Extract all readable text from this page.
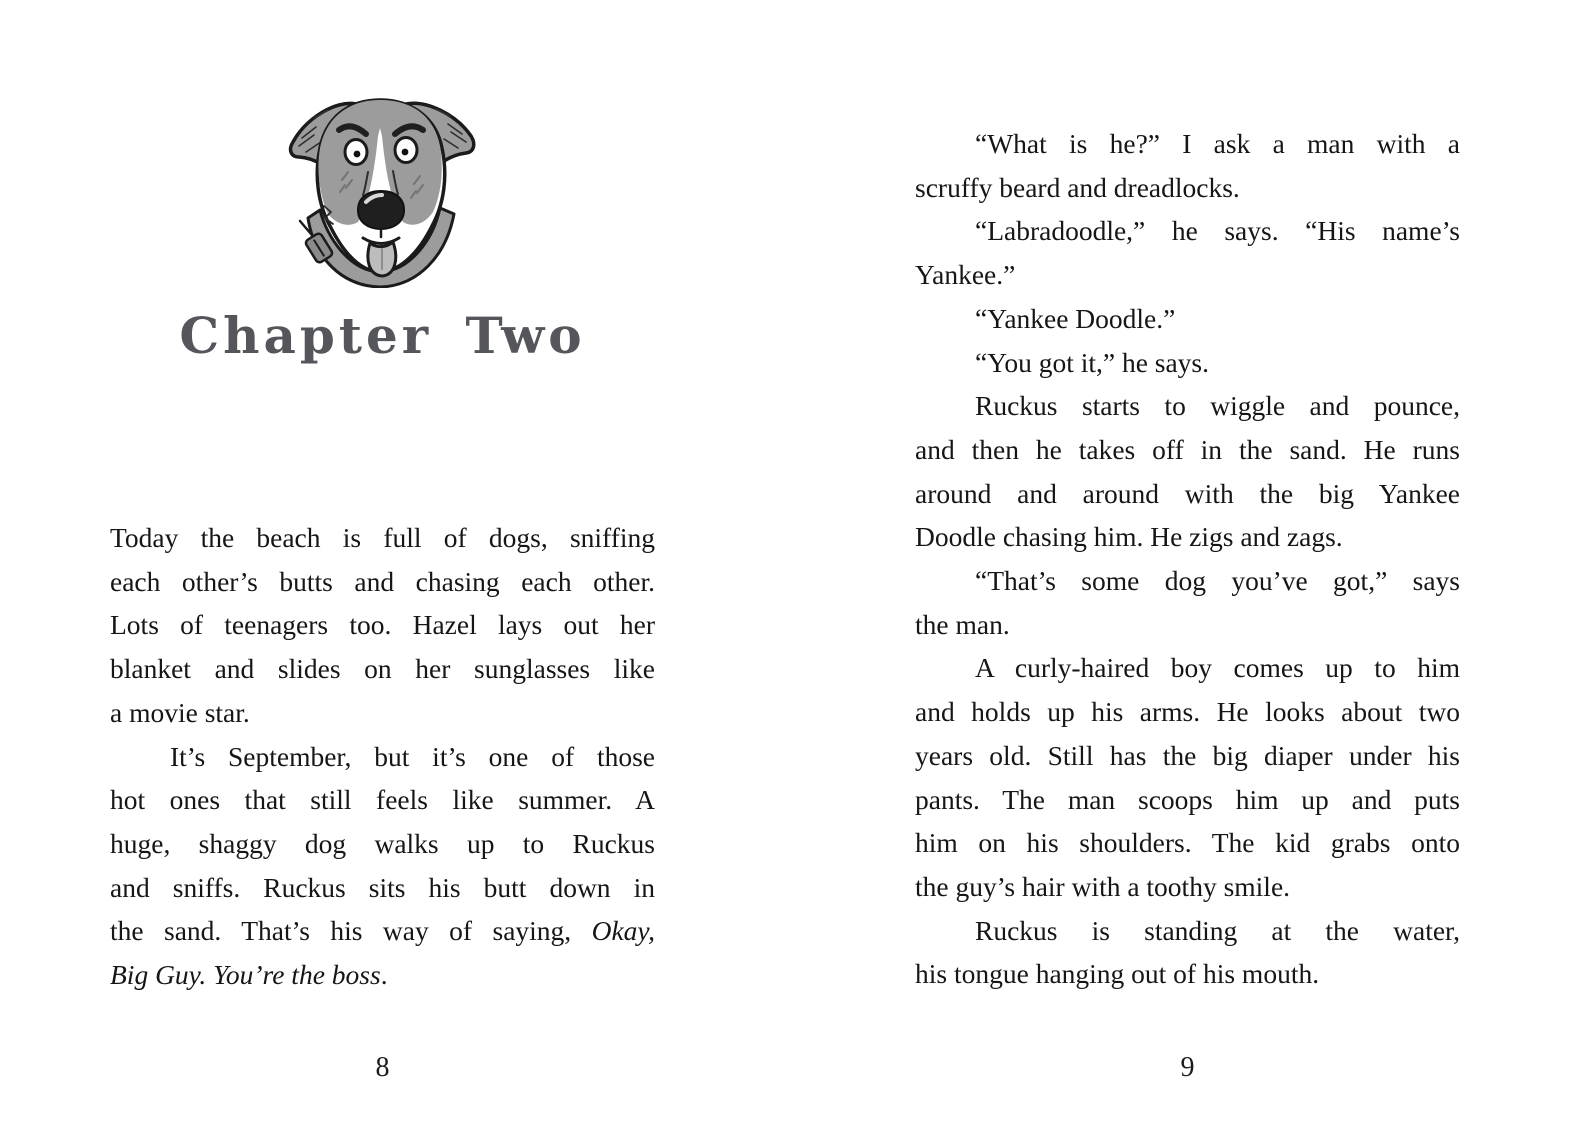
Chapter Two
Today the beach is full of dogs, sniffing
each other’s butts and chasing each other.
Lots of teenagers too. Hazel lays out her
blanket and slides on her sunglasses like
a movie star.
It’s September, but it’s one of those
hot ones that still feels like summer. A
huge, shaggy dog walks up to Ruckus
and sniffs. Ruckus sits his butt down in
the sand. That’s his way of saying, Okay,
Big Guy. You’re the boss.
8
“What is he?” I ask a man with a
scruffy beard and dreadlocks.
“Labradoodle,” he says. “His name’s
Yankee.”
“Yankee Doodle.”
“You got it,” he says.
Ruckus starts to wiggle and pounce,
and then he takes off in the sand. He runs
around and around with the big Yankee
Doodle chasing him. He zigs and zags.
“That’s some dog you’ve got,” says
the man.
A curly-haired boy comes up to him
and holds up his arms. He looks about two
years old. Still has the big diaper under his
pants. The man scoops him up and puts
him on his shoulders. The kid grabs onto
the guy’s hair with a toothy smile.
Ruckus is standing at the water,
his tongue hanging out of his mouth.
9
